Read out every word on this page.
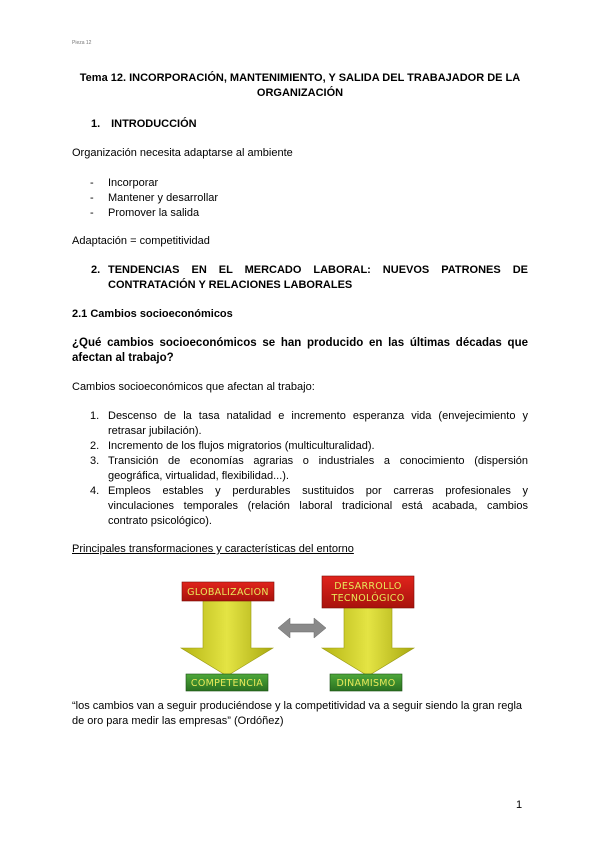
Pieza 12
Tema 12. INCORPORACIÓN, MANTENIMIENTO, Y SALIDA DEL TRABAJADOR DE LA
ORGANIZACIÓN
1. INTRODUCCIÓN
Organización necesita adaptarse al ambiente
- Incorporar
- Mantener y desarrollar
- Promover la salida
Adaptación = competitividad
2. TENDENCIAS EN EL MERCADO LABORAL: NUEVOS PATRONES DE
CONTRATACIÓN Y RELACIONES LABORALES
2.1 Cambios socioeconómicos
¿Qué cambios socioeconómicos se han producido en las últimas décadas que
afectan al trabajo?
Cambios socioeconómicos que afectan al trabajo:
1. Descenso de la tasa natalidad e incremento esperanza vida (envejecimiento y
retrasar jubilación).
2. Incremento de los flujos migratorios (multiculturalidad).
3. Transición de economías agrarias o industriales a conocimiento (dispersión
geográfica, virtualidad, flexibilidad...).
4. Empleos estables y perdurables sustituidos por carreras profesionales y
vinculaciones temporales (relación laboral tradicional está acabada, cambios
contrato psicológico).
Principales transformaciones y características del entorno
GLOBALIZACION
DESARROLLO
TECNOLÓGICO
COMPETENCIA	DINAMISMO
“los cambios van a seguir produciéndose y la competitividad va a seguir siendo la gran regla
de oro para medir las empresas” (Ordóñez)
1
